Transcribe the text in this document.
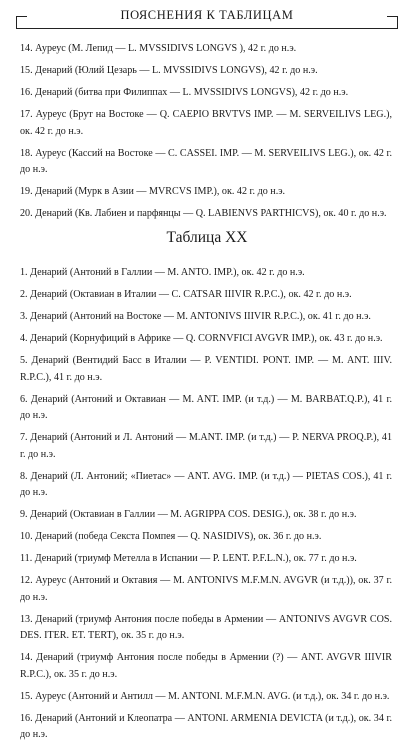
ПОЯСНЕНИЯ К ТАБЛИЦАМ

14. Ауреус (М. Лепид — L. MVSSIDIVS LONGVS ), 42 г. до н.э.

15. Денарий (Юлий Цезарь — L. MVSSIDIVS LONGVS), 42 г. до н.э.

16. Денарий (битва при Филиппах — L. MVSSIDIVS LONGVS), 42 г. до н.э.

17. Ауреус (Брут на Востоке — Q. CAEPIO BRVTVS IMP. — M. SERVEILIVS LEG.), ок. 42 г. до н.э.

18. Ауреус (Кассий на Востоке — C. CASSEI. IMP. — M. SERVEILIVS LEG.), ок. 42 г. до н.э.

19. Денарий (Мурк в Азии — MVRCVS IMP.), ок. 42 г. до н.э.

20. Денарий (Кв. Лабиен и парфянцы — Q. LABIENVS PARTHICVS), ок. 40 г. до н.э.

Таблица XX

1. Денарий (Антоний в Галлии — M. ANTO. IMP.), ок. 42 г. до н.э.

2. Денарий (Октавиан в Италии — C. CATSAR IIIVIR R.P.C.), ок. 42 г. до н.э.

3. Денарий (Антоний на Востоке — M. ANTONIVS IIIVIR R.P.C.), ок. 41 г. до н.э.

4. Денарий (Корнуфиций в Африке — Q. CORNVFICI AVGVR IMP.), ок. 43 г. до н.э.

5. Денарий (Вентидий Басс в Италии — P. VENTIDI. PONT. IMP. — M. ANT. IIIV. R.P.C.), 41 г. до н.э.

6. Денарий (Антоний и Октавиан — M. ANT. IMP. (и т.д.) — M. BARBAT.Q.P.), 41 г. до н.э.

7. Денарий (Антоний и Л. Антоний — M.ANT. IMP. (и т.д.) — P. NERVA PROQ.P.), 41 г. до н.э.

8. Денарий (Л. Антоний; «Пиетас» — ANT. AVG. IMP. (и т.д.) — PIETAS COS.), 41 г. до н.э.

9. Денарий (Октавиан в Галлии — M. AGRIPPA COS. DESIG.), ок. 38 г. до н.э.

10. Денарий (победа Секста Помпея — Q. NASIDIVS), ок. 36 г. до н.э.

11. Денарий (триумф Метелла в Испании — P. LENT. P.F.L.N.), ок. 77 г. до н.э.

12. Ауреус (Антоний и Октавия — M. ANTONIVS M.F.M.N. AVGVR (и т.д.)), ок. 37 г. до н.э.

13. Денарий (триумф Антония после победы в Армении — ANTONIVS AVGVR COS. DES. ITER. ET. TERT), ок. 35 г. до н.э.

14. Денарий (триумф Антония после победы в Армении (?) — ANT. AVGVR IIIVIR R.P.C.), ок. 35 г. до н.э.

15. Ауреус (Антоний и Антилл — M. ANTONI. M.F.M.N. AVG. (и т.д.), ок. 34 г. до н.э.

16. Денарий (Антоний и Клеопатра — ANTONI. ARMENIA DEVICTA (и т.д.), ок. 34 г. до н.э.
